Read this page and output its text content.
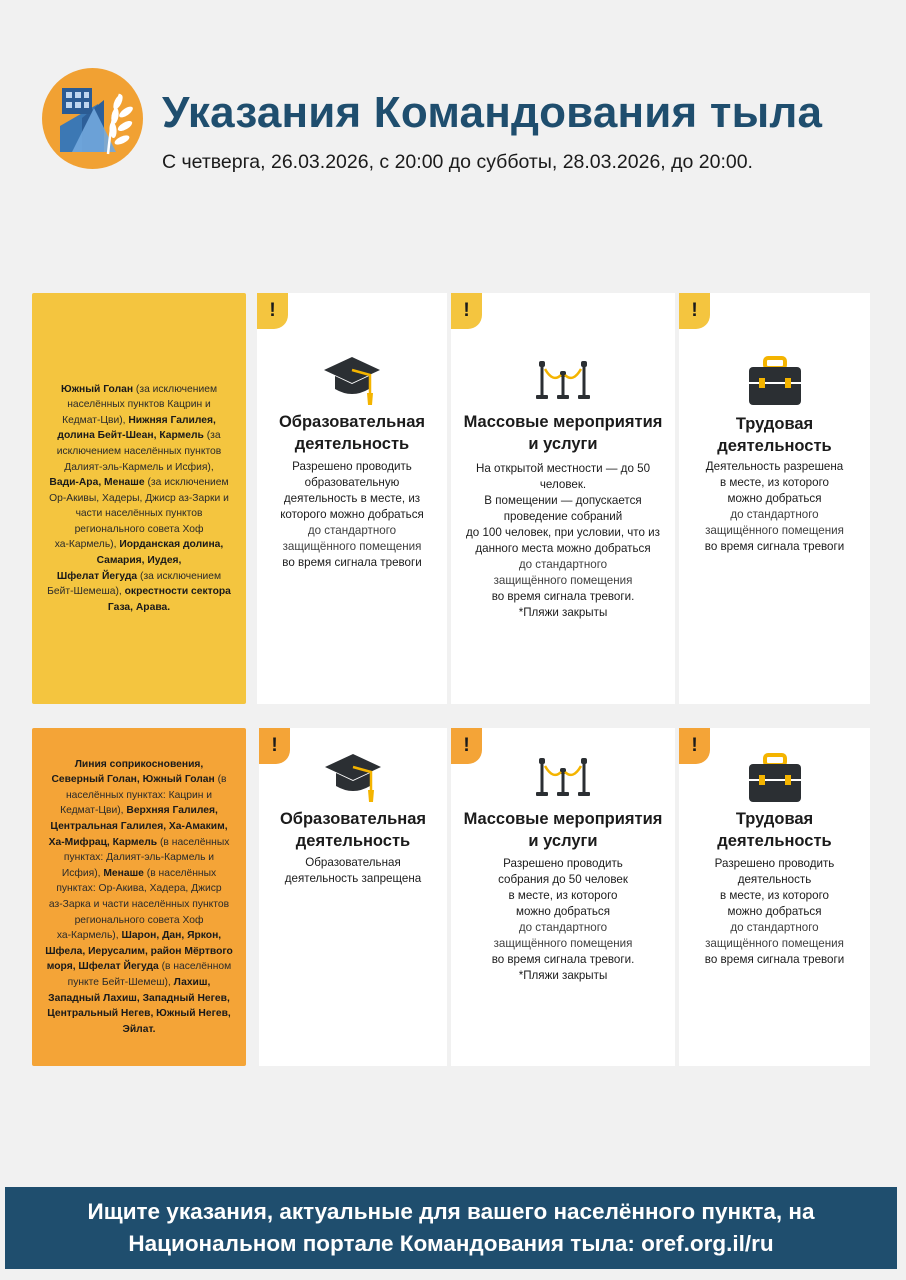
Указания Командования тыла
С четверга, 26.03.2026, с 20:00 до субботы, 28.03.2026, до 20:00.
Южный Голан (за исключением
населённых пунктов Кацрин и
Кедмат-Цви), Нижняя Галилея,
долина Бейт-Шеан, Кармель (за
исключением населённых пунктов
Далият-эль-Кармель и Исфия),
Вади-Ара, Менаше (за исключением
Ор-Акивы, Хадеры, Джиср аз-Зарки и
части населённых пунктов
регионального совета Хоф
ха-Кармель), Иорданская долина,
Самария, Иудея,
Шфелат Йегуда (за исключением
Бейт-Шемеша), окрестности сектора
Газа, Арава.
!
Образовательная
деятельность
Разрешено проводить
образовательную
деятельность в месте, из
которого можно добраться
до стандартного
защищённого помещения
во время сигнала тревоги
!
Массовые мероприятия
и услуги
На открытой местности — до 50
человек.
В помещении — допускается
проведение собраний
до 100 человек, при условии, что из
данного места можно добраться
до стандартного
защищённого помещения
во время сигнала тревоги.
*Пляжи закрыты
!
Трудовая
деятельность
Деятельность разрешена
в месте, из которого
можно добраться
до стандартного
защищённого помещения
во время сигнала тревоги
Линия соприкосновения,
Северный Голан, Южный Голан (в
населённых пунктах: Кацрин и
Кедмат-Цви), Верхняя Галилея,
Центральная Галилея, Ха-Амаким,
Ха-Мифрац, Кармель (в населённых
пунктах: Далият-эль-Кармель и
Исфия), Менаше (в населённых
пунктах: Ор-Акива, Хадера, Джиср
аз-Зарка и части населённых пунктов
регионального совета Хоф
ха-Кармель), Шарон, Дан, Яркон,
Шфела, Иерусалим, район Мёртвого
моря, Шфелат Йегуда (в населённом
пункте Бейт-Шемеш), Лахиш,
Западный Лахиш, Западный Негев,
Центральный Негев, Южный Негев,
Эйлат.
!
Образовательная
деятельность
Образовательная
деятельность запрещена
!
Массовые мероприятия
и услуги
Разрешено проводить
собрания до 50 человек
в месте, из которого
можно добраться
до стандартного
защищённого помещения
во время сигнала тревоги.
*Пляжи закрыты
!
Трудовая
деятельность
Разрешено проводить
деятельность
в месте, из которого
можно добраться
до стандартного
защищённого помещения
во время сигнала тревоги
Ищите указания, актуальные для вашего населённого пункта, на
Национальном портале Командования тыла: oref.org.il/ru
